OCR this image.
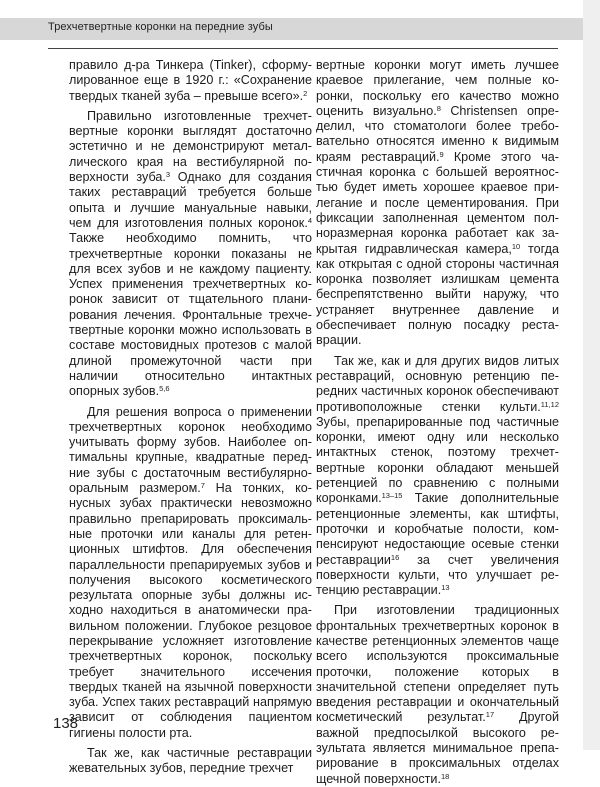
Трехчетвертные коронки на передние зубы

правило д-ра Тинкера (Tinker), сформулированное еще в 1920 г.: «Сохранение твердых тканей зуба – превыше всего».$^2$

Правильно изготовленные трехчетвертные коронки выглядят достаточно эстетично и не демонстрируют металлического края на вестибулярной поверхности зуба.$^3$ Однако для создания таких реставраций требуется больше опыта и лучшие мануальные навыки, чем для изготовления полных коронок.$^4$ Также необходимо помнить, что трехчетвертные коронки показаны не для всех зубов и не каждому пациенту. Успех применения трехчетвертных коронок зависит от тщательного планирования лечения. Фронтальные трехчетвертные коронки можно использовать в составе мостовидных протезов с малой длиной промежуточной части при наличии относительно интактных опорных зубов.$^{5,6}$

Для решения вопроса о применении трехчетвертных коронок необходимо учитывать форму зубов. Наиболее оптимальны крупные, квадратные передние зубы с достаточным вестибулярно-оральным размером.$^7$ На тонких, конусных зубах практически невозможно правильно препарировать проксимальные проточки или каналы для ретенционных штифтов. Для обеспечения параллельности препарируемых зубов и получения высокого косметического результата опорные зубы должны исходно находиться в анатомически правильном положении. Глубокое резцовое перекрывание усложняет изготовление трехчетвертных коронок, поскольку требует значительного иссечения твердых тканей на язычной поверхности зуба. Успех таких реставраций напрямую зависит от соблюдения пациентом гигиены полости рта.

Так же, как частичные реставрации жевательных зубов, передние трехчет

вертные коронки могут иметь лучшее краевое прилегание, чем полные коронки, поскольку его качество можно оценить визуально.$^8$ Christensen определил, что стоматологи более требовательно относятся именно к видимым краям реставраций.$^9$ Кроме этого частичная коронка с большей вероятностью будет иметь хорошее краевое прилегание и после цементирования. При фиксации заполненная цементом полноразмерная коронка работает как закрытая гидравлическая камера,$^{10}$ тогда как открытая с одной стороны частичная коронка позволяет излишкам цемента беспрепятственно выйти наружу, что устраняет внутреннее давление и обеспечивает полную посадку реставрации.

Так же, как и для других видов литых реставраций, основную ретенцию передних частичных коронок обеспечивают противоположные стенки культи.$^{11,12}$ Зубы, препарированные под частичные коронки, имеют одну или несколько интактных стенок, поэтому трехчетвертные коронки обладают меньшей ретенцией по сравнению с полными коронками.$^{13-15}$ Такие дополнительные ретенционные элементы, как штифты, проточки и коробчатые полости, компенсируют недостающие осевые стенки реставрации$^{16}$ за счет увеличения поверхности культи, что улучшает ретенцию реставрации.$^{13}$

При изготовлении традиционных фронтальных трехчетвертных коронок в качестве ретенционных элементов чаще всего используются проксимальные проточки, положение которых в значительной степени определяет путь введения реставрации и окончательный косметический результат.$^{17}$ Другой важной предпосылкой высокого результата является минимальное препарирование в проксимальных отделах щечной поверхности.$^{18}$

138
